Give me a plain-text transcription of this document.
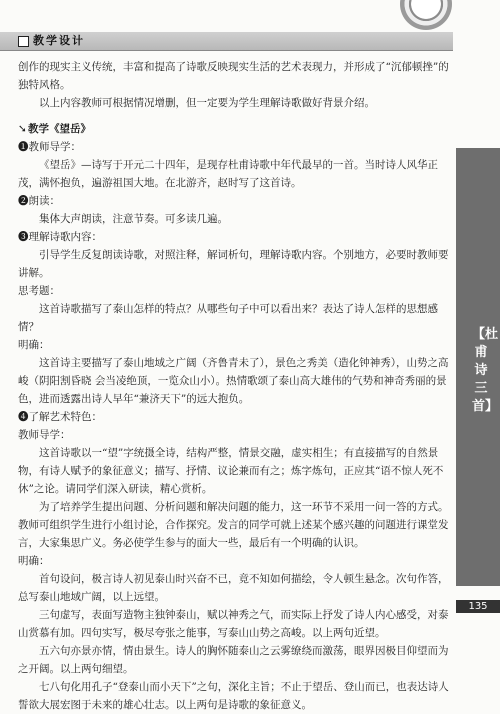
教学设计
【杜甫诗三首】
135

创作的现实主义传统，丰富和提高了诗歌反映现实生活的艺术表现力，并形成了“沉郁顿挫”的独特风格。

以上内容教师可根据情况增删，但一定要为学生理解诗歌做好背景介绍。

➘教学《望岳》

❶教师导学：

《望岳》—诗写于开元二十四年，是现存杜甫诗歌中年代最早的一首。当时诗人风华正茂，满怀抱负，遍游祖国大地。在北游齐，赵时写了这首诗。

❷朗读：

集体大声朗读，注意节奏。可多读几遍。

❸理解诗歌内容：

引导学生反复朗读诗歌，对照注释，解词析句，理解诗歌内容。个别地方，必要时教师要讲解。

思考题：

这首诗歌描写了泰山怎样的特点？从哪些句子中可以看出来？表达了诗人怎样的思想感情？

明确：

这首诗主要描写了泰山地域之广阔（齐鲁青未了），景色之秀美（造化钟神秀），山势之高峻（阴阳割昏晓 会当凌绝顶，一览众山小）。热情歌颂了泰山高大雄伟的气势和神奇秀丽的景色，进而透露出诗人早年“兼济天下”的远大抱负。

❹了解艺术特色：

教师导学：

这首诗歌以一“望”字统摄全诗，结构严整，情景交融，虚实相生；有直接描写的自然景物，有诗人赋予的象征意义；描写、抒情、议论兼而有之；炼字炼句，正应其“语不惊人死不休”之论。请同学们深入研读，精心赏析。

为了培养学生提出问题、分析问题和解决问题的能力，这一环节不采用一问一答的方式。教师可组织学生进行小组讨论，合作探究。发言的同学可就上述某个感兴趣的问题进行课堂发言，大家集思广义。务必使学生参与的面大一些，最后有一个明确的认识。

明确：

首句设问，极言诗人初见泰山时兴奋不已，竟不知如何描绘，令人顿生悬念。次句作答，总写泰山地域广阔，以上远望。

三句虚写，表面写造物主独钟泰山，赋以神秀之气，而实际上抒发了诗人内心感受，对泰山赏慕有加。四句实写，极尽夸张之能事，写泰山山势之高峻。以上两句近望。

五六句亦景亦情，情由景生。诗人的胸怀随泰山之云雾缭绕而激荡，眼界因极目仰望而为之开阔。以上两句细望。

七八句化用孔子“登泰山而小天下”之句，深化主旨；不止于望岳、登山而已，也表达诗人誓欲大展宏图于未来的雄心壮志。以上两句是诗歌的象征意义。
